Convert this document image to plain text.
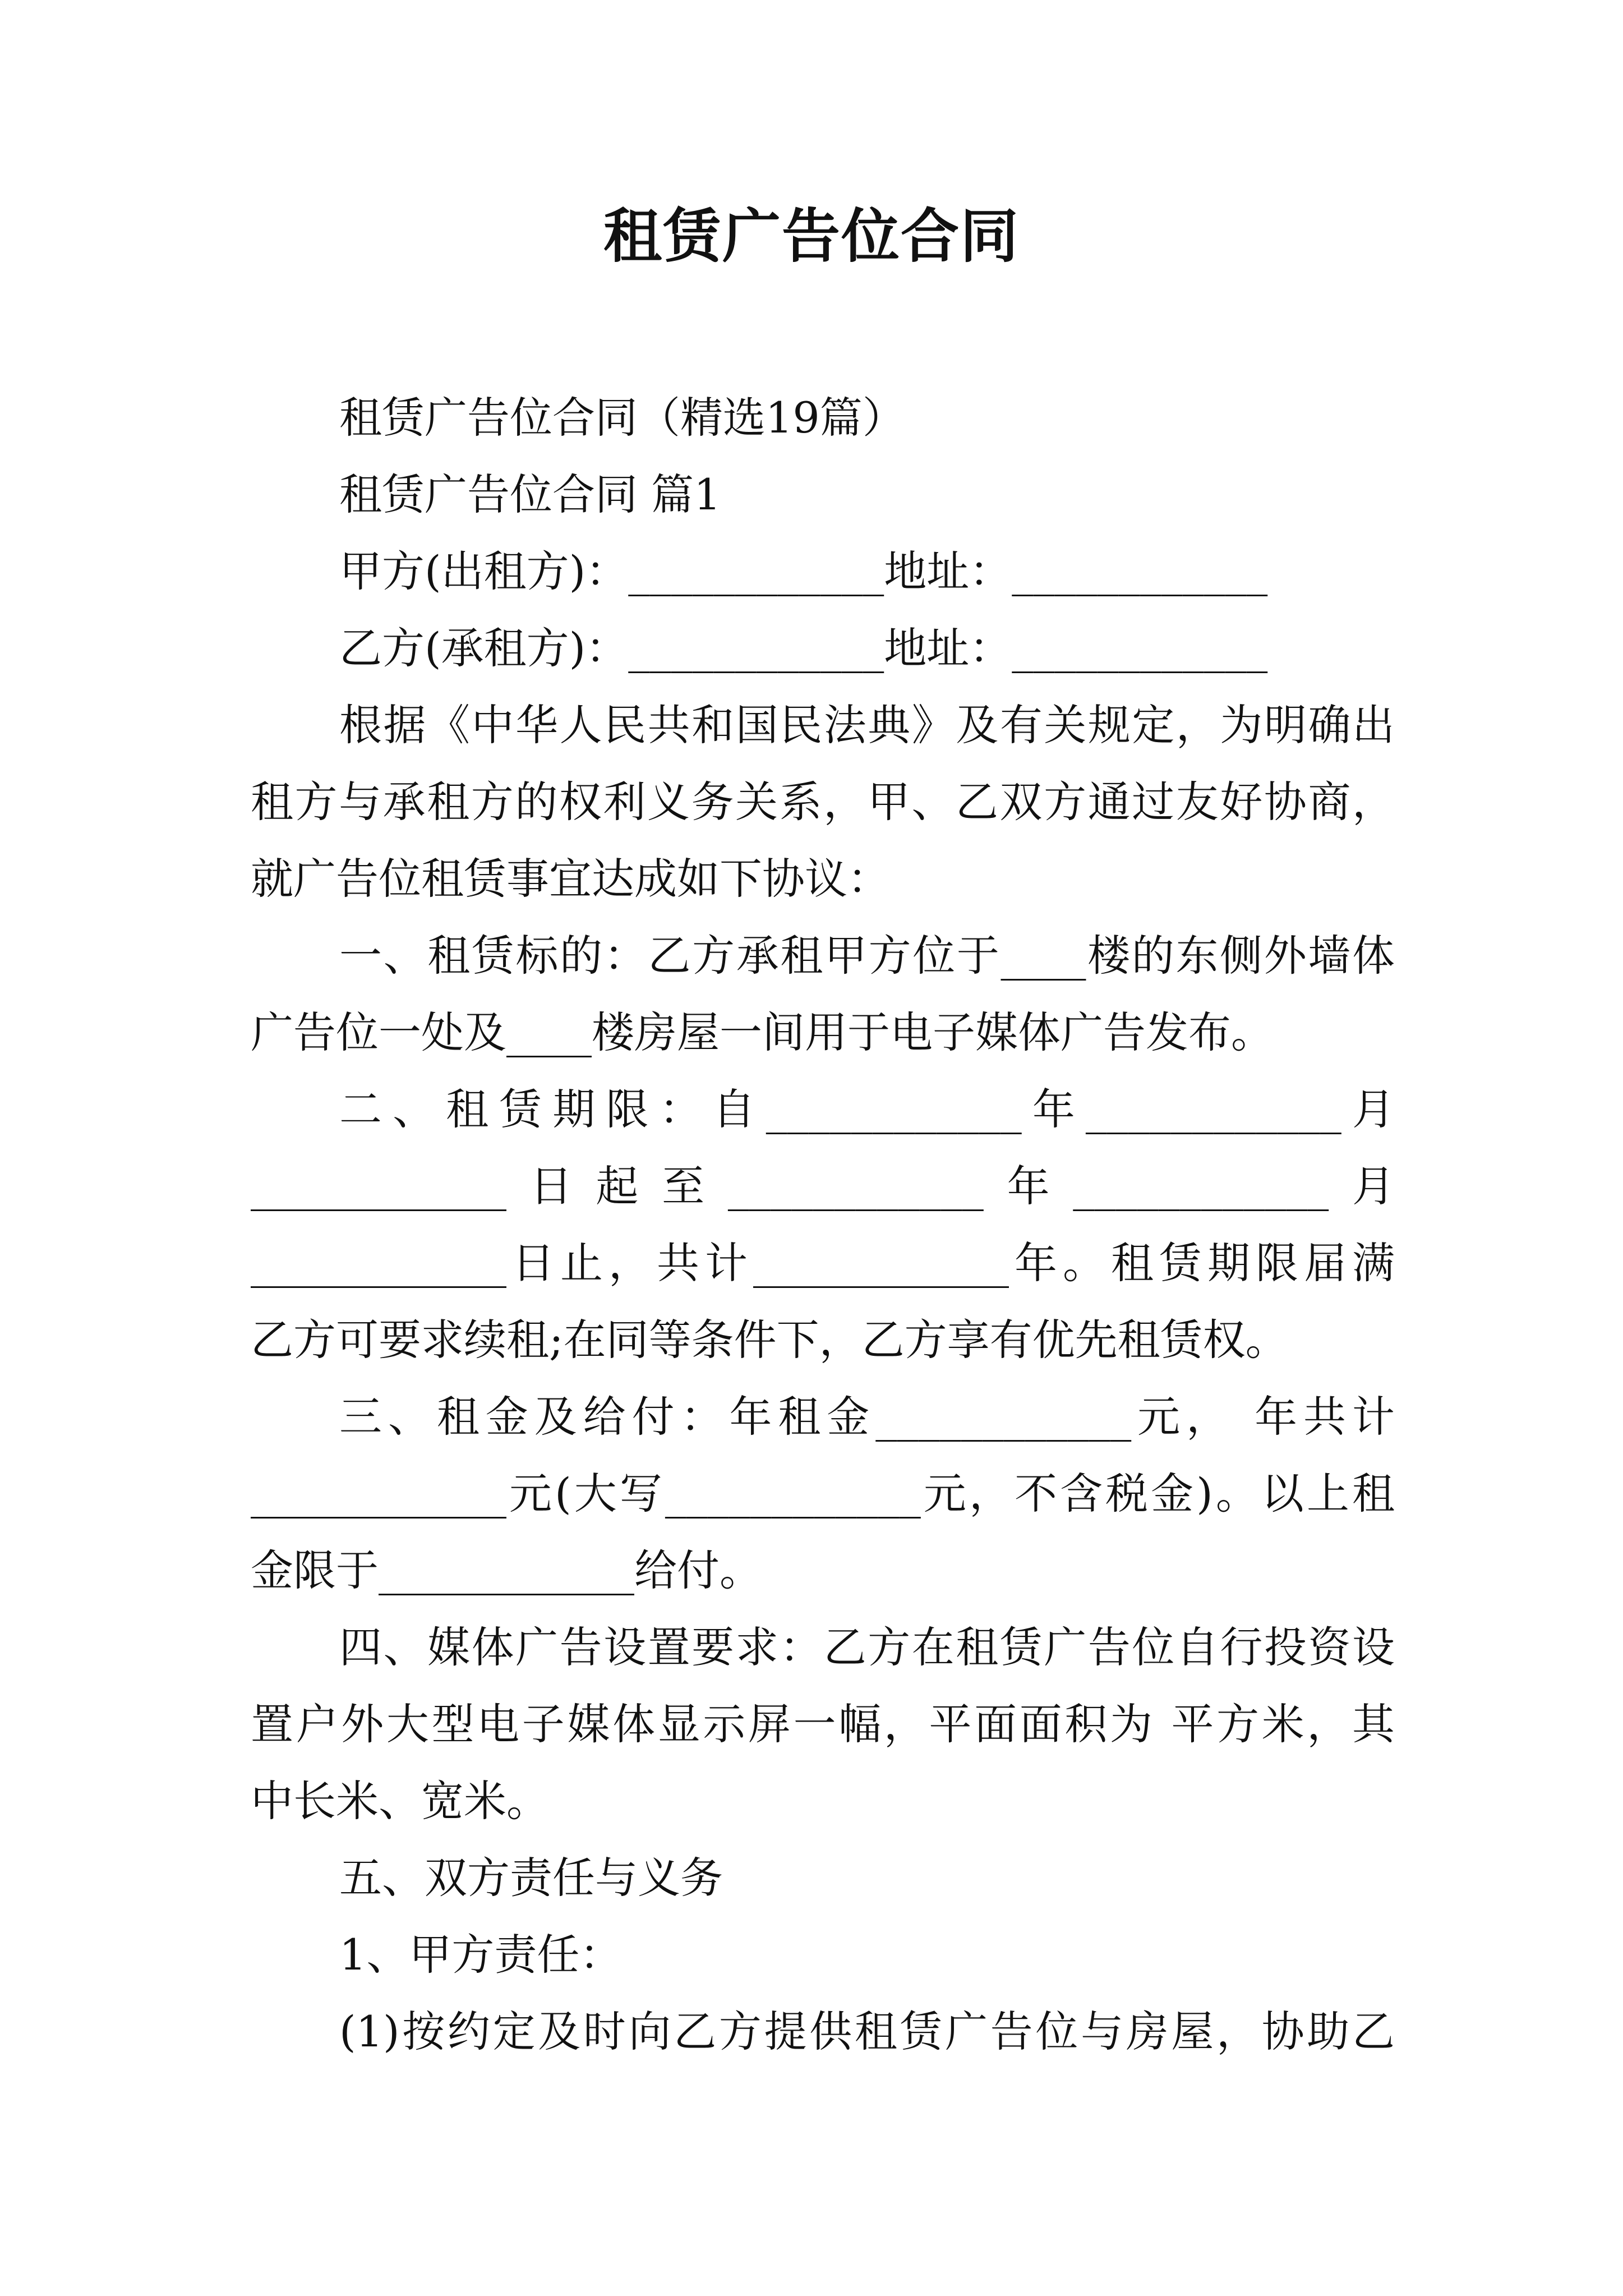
租赁广告位合同
租赁广告位合同（精选19篇）
租赁广告位合同 篇1
甲方(出租方)：____________地址：____________
乙方(承租方)：____________地址：____________
根据《中华人民共和国民法典》及有关规定，为明确出
租方与承租方的权利义务关系，甲、乙双方通过友好协商，
就广告位租赁事宜达成如下协议：
一、租赁标的：乙方承租甲方位于____楼的东侧外墙体
广告位一处及____楼房屋一间用于电子媒体广告发布。
二、租赁期限：自____________年____________月
____________日起至____________年____________月
____________日止，共计____________年。租赁期限届满
乙方可要求续租;在同等条件下，乙方享有优先租赁权。
三、租金及给付：年租金____________元， 年共计
____________元(大写____________元，不含税金)。以上租
金限于____________给付。
四、媒体广告设置要求：乙方在租赁广告位自行投资设
置户外大型电子媒体显示屏一幅，平面面积为 平方米，其
中长米、宽米。
五、双方责任与义务
1、甲方责任：
(1)按约定及时向乙方提供租赁广告位与房屋，协助乙
